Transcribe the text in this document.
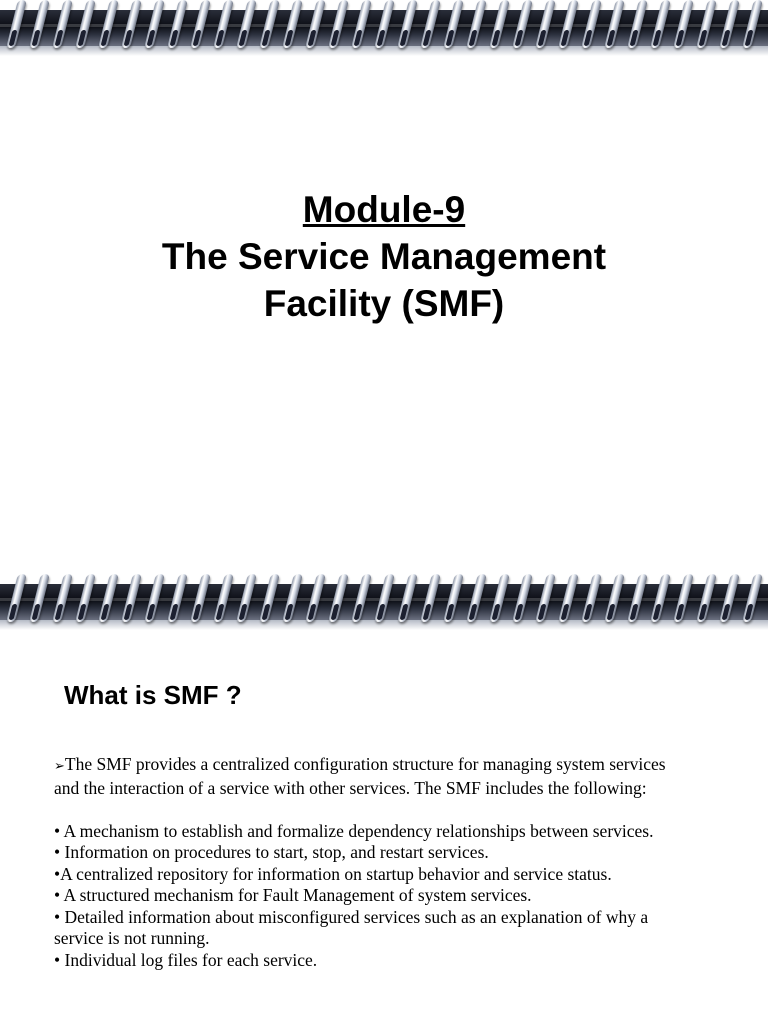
Module-9
The Service Management
Facility (SMF)
What is SMF ?

➢The SMF provides a centralized configuration structure for managing system services and the interaction of a service with other services. The SMF includes the following:

• A mechanism to establish and formalize dependency relationships between services.

• Information on procedures to start, stop, and restart services.

•A centralized repository for information on startup behavior and service status.

• A structured mechanism for Fault Management of system services.

• Detailed information about misconfigured services such as an explanation of why a service is not running.

• Individual log files for each service.
